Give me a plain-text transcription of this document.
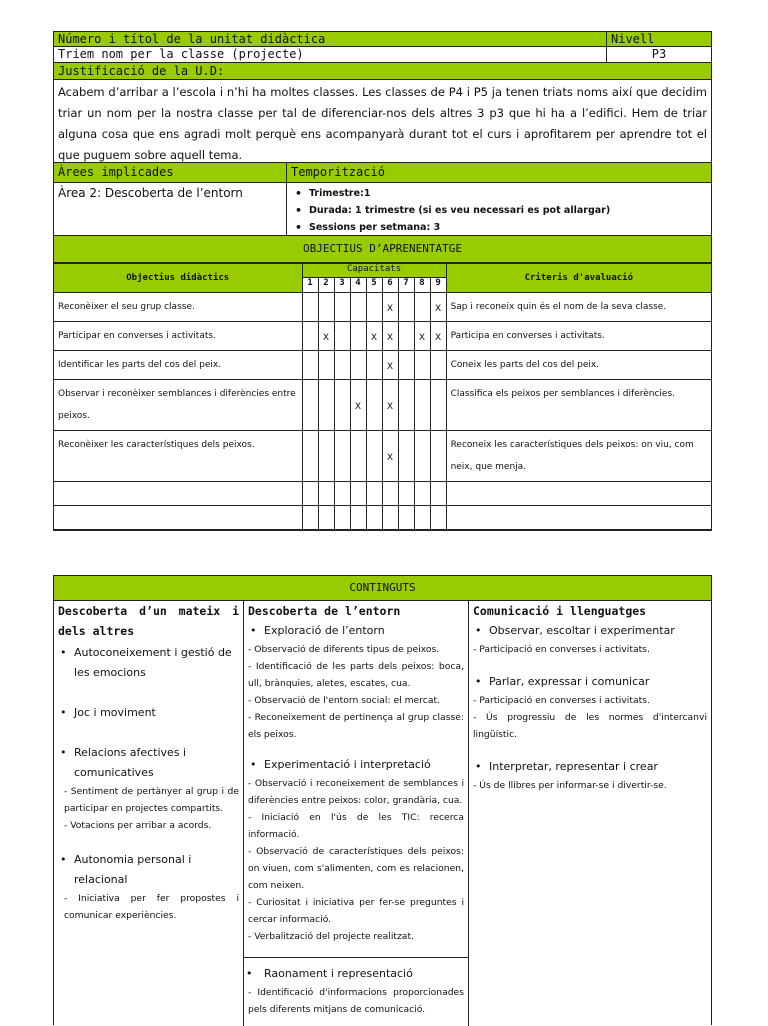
Número i títol de la unitat didàctica	Nivell
Triem nom per la classe (projecte)	P3
Justificació de la U.D:
Acabem d’arribar a l’escola i n’hi ha moltes classes. Les classes de P4 i P5 ja tenen triats noms així que decidim triar un nom per la nostra classe per tal de diferenciar-nos dels altres 3 p3 que hi ha a l’edifici. Hem de triar alguna cosa que ens agradi molt perquè ens acompanyarà durant tot el curs i aprofitarem per aprendre tot el que puguem sobre aquell tema.
Àrees implicades	Temporització
Àrea 2: Descoberta de l’entorn	• Trimestre:1
• Durada: 1 trimestre (si es veu necessari es pot allargar)
• Sessions per setmana: 3
OBJECTIUS D’APRENENTATGE
Objectius didàctics	Capacitats									Criteris d'avaluació
	1	2	3	4	5	6	7	8	9	
Reconèixer el seu grup classe.						X			X	Sap i reconeix quin és el nom de la seva classe.
Participar en converses i activitats.		X			X	X		X	X	Participa en converses i activitats.
Identificar les parts del cos del peix.						X				Coneix les parts del cos del peix.
Observar i reconèixer semblances i diferències entre peixos.				X		X				Classifica els peixos per semblances i diferències.
Reconèixer les característiques dels peixos.						X				Reconeix les característiques dels peixos: on viu, com neix, que menja.

CONTINGUTS
Descoberta d’un mateix i dels altres
• Autoconeixement i gestió de les emocions
• Joc i moviment
• Relacions afectives i comunicatives
- Sentiment de pertànyer al grup i de participar en projectes compartits.
- Votacions per arribar a acords.
• Autonomia personal i relacional
- Iniciativa per fer propostes i comunicar experiències.
Descoberta de l’entorn
• Exploració de l’entorn
- Observació de diferents tipus de peixos.
- Identificació de les parts dels peixos: boca, ull, brànquies, aletes, escates, cua.
- Observació de l'entorn social: el mercat.
- Reconeixement de pertinença al grup classe: els peixos.
• Experimentació i interpretació
- Observació i reconeixement de semblances i diferències entre peixos: color, grandària, cua.
- Iniciació en l'ús de les TIC: recerca informació.
- Observació de característiques dels peixos: on viuen, com s'alimenten, com es relacionen, com neixen.
- Curiositat i iniciativa per fer-se preguntes i cercar informació.
- Verbalització del projecte realitzat.
• Raonament i representació
- Identificació d'informacions proporcionades pels diferents mitjans de comunicació.
Comunicació i llenguatges
• Observar, escoltar i experimentar
- Participació en converses i activitats.
• Parlar, expressar i comunicar
- Participació en converses i activitats.
- Ús progressiu de les normes d'intercanvi lingüístic.
• Interpretar, representar i crear
- Ús de llibres per informar-se i divertir-se.
